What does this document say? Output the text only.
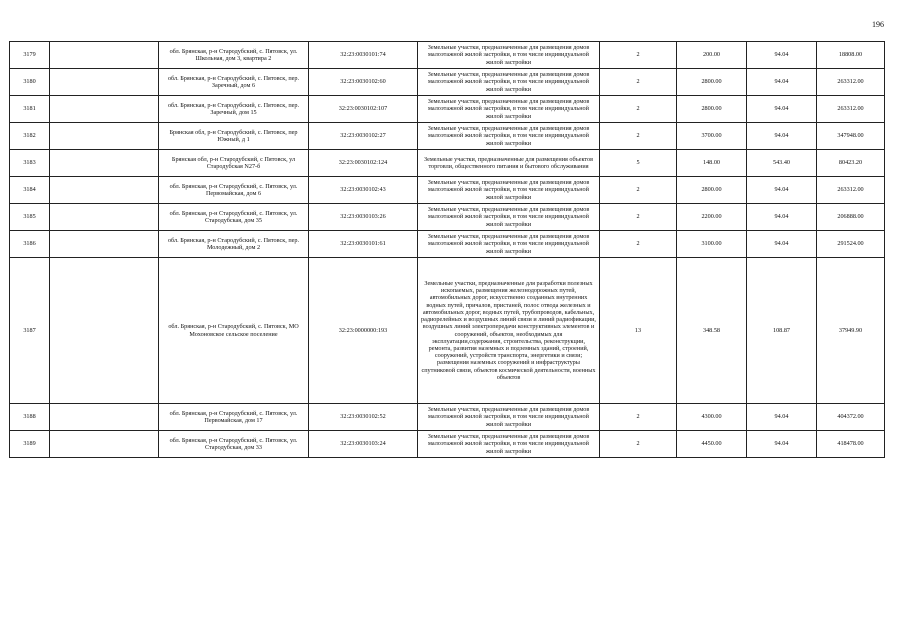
196
3179		обл. Брянская, р-н Стародубский, с. Пятовск, ул. Школьная, дом 3, квартира 2	32:23:0030101:74	Земельные участки, предназначенные для размещения домов малоэтажной жилой застройки, в том числе индивидуальной жилой застройки	2	200.00	94.04	18808.00
3180		обл. Брянская, р-н Стародубский, с. Пятовск, пер. Заречный, дом 6	32:23:0030102:60	Земельные участки, предназначенные для размещения домов малоэтажной жилой застройки, в том числе индивидуальной жилой застройки	2	2800.00	94.04	263312.00
3181		обл. Брянская, р-н Стародубский, с. Пятовск, пер. Заречный, дом 15	32:23:0030102:107	Земельные участки, предназначенные для размещения домов малоэтажной жилой застройки, в том числе индивидуальной жилой застройки	2	2800.00	94.04	263312.00
3182		Брянская обл, р-н Стародубский, с. Пятовск, пер Южный, д 1	32:23:0030102:27	Земельные участки, предназначенные для размещения домов малоэтажной жилой застройки, в том числе индивидуальной жилой застройки	2	3700.00	94.04	347948.00
3183		Брянская обл, р-н Стародубский, с Пятовск, ул Стародубская N27-б	32:23:0030102:124	Земельные участки, предназначенные для размещения объектов торговли, общественного питания и бытового обслуживания	5	148.00	543.40	80423.20
3184		обл. Брянская, р-н Стародубский, с. Пятовск, ул. Первомайская, дом 6	32:23:0030102:43	Земельные участки, предназначенные для размещения домов малоэтажной жилой застройки, в том числе индивидуальной жилой застройки	2	2800.00	94.04	263312.00
3185		обл. Брянская, р-н Стародубский, с. Пятовск, ул. Стародубская, дом 35	32:23:0030103:26	Земельные участки, предназначенные для размещения домов малоэтажной жилой застройки, в том числе индивидуальной жилой застройки	2	2200.00	94.04	206888.00
3186		обл. Брянская, р-н Стародубский, с. Пятовск, пер. Молодежный, дом 2	32:23:0030101:61	Земельные участки, предназначенные для размещения домов малоэтажной жилой застройки, в том числе индивидуальной жилой застройки	2	3100.00	94.04	291524.00
3187		обл. Брянская, р-н Стародубский, с. Пятовск, МО Мохоновское сельское поселение	32:23:0000000:193	Земельные участки, предназначенные для разработки полезных ископаемых, размещения железнодорожных путей, автомобильных дорог, искусственно созданных внутренних водных путей, причалов, пристаней, полос отвода железных и автомобильных дорог, водных путей, трубопроводов, кабельных, радиорелейных и воздушных линий связи и линий радиофикации, воздушных линий электропередачи конструктивных элементов и сооружений, объектов, необходимых для эксплуатации,содержания, строительства, реконструкции, ремонта, развития наземных и подземных зданий, строений, сооружений, устройств транспорта, энергетики и связи; размещения наземных сооружений и инфраструктуры спутниковой связи, объектов космической деятельности, военных объектов	13	348.58	108.87	37949.90
3188		обл. Брянская, р-н Стародубский, с. Пятовск, ул. Первомайская, дом 17	32:23:0030102:52	Земельные участки, предназначенные для размещения домов малоэтажной жилой застройки, в том числе индивидуальной жилой застройки	2	4300.00	94.04	404372.00
3189		обл. Брянская, р-н Стародубский, с. Пятовск, ул. Стародубская, дом 33	32:23:0030103:24	Земельные участки, предназначенные для размещения домов малоэтажной жилой застройки, в том числе индивидуальной жилой застройки	2	4450.00	94.04	418478.00
